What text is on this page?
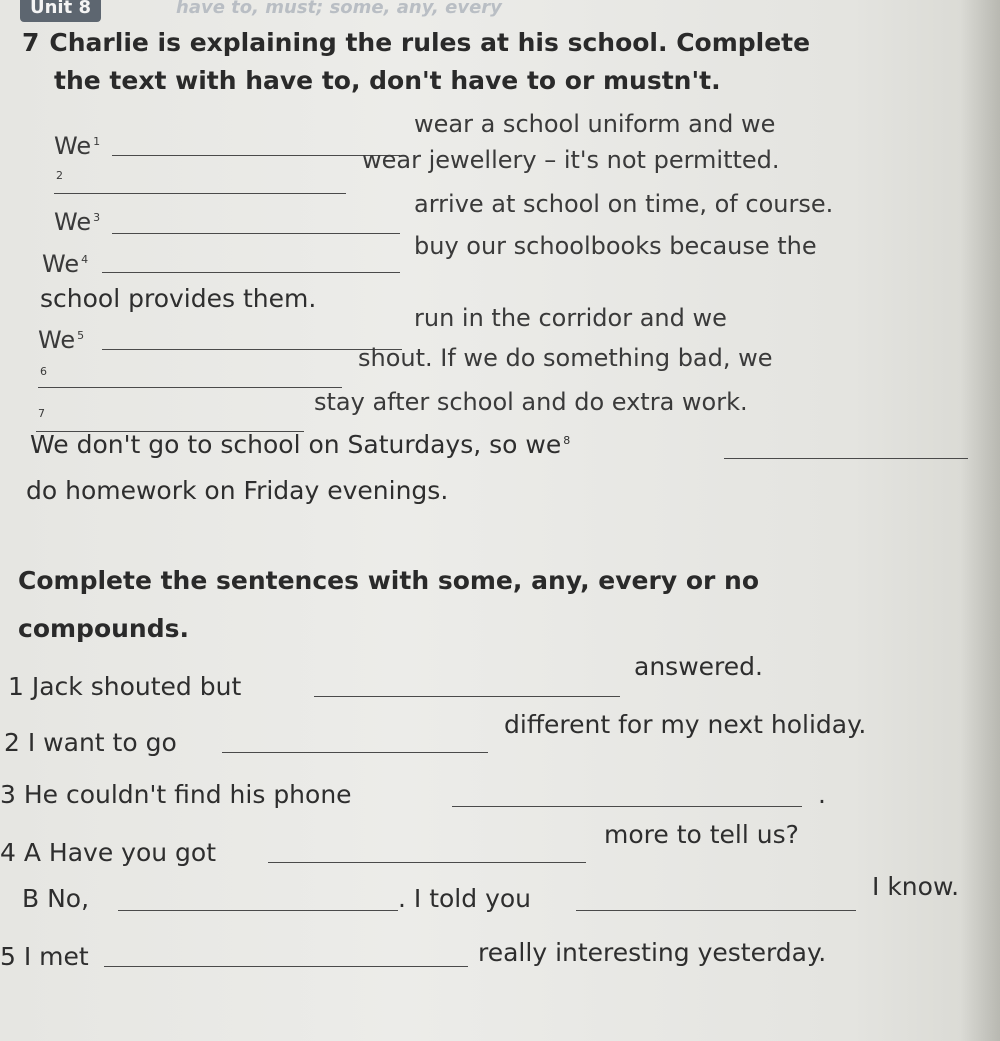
Unit 8	have to, must; some, any, every
7 Charlie is explaining the rules at his school. Complete
the text with have to, don't have to or mustn't.
We $^1$
wear a school uniform and we
$^2$
wear jewellery – it's not permitted.
We $^3$	arrive at school on time, of course.
We $^4$	buy our schoolbooks because the
school provides them.
We $^5$
run in the corridor and we
$^6$	shout. If we do something bad, we
$^7$	stay after school and do extra work.
We don't go to school on Saturdays, so we $^8$
do homework on Friday evenings.
Complete the sentences with some, any, every or no
compounds.
1 Jack shouted but
answered.
2 I want to go
different for my next holiday.
3 He couldn't find his phone	.
4 A Have you got
more to tell us?
B No,	. I told you	I know.
5 I met	really interesting yesterday.
